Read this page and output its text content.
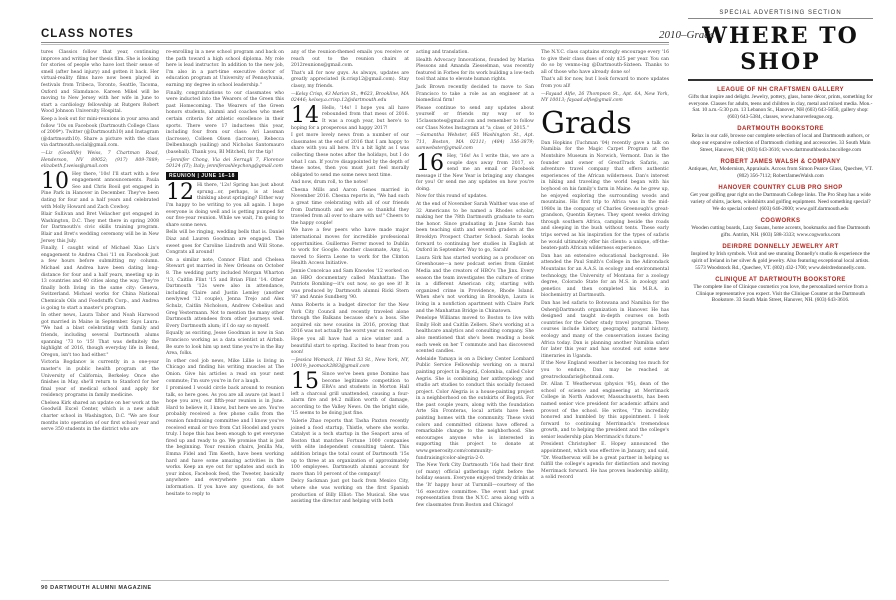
CLASS NOTES	2010–Grads

tures Classics follow that year, continuing improve and writing her thesis film. She is looking for stories of people who have lost their sense of smell (after head injury) and gotten it back. Her virtual-reality films have now been played in festivals from Tribeca, Toronto, Seattle, Tacoma, Oxford and Slamdance. Kareen Mikel will be moving to New Jersey with her wife in June to start a cardiology fellowship at Rutgers Robert Wood Johnson University Hospital.

Keep a look out for mini-reunions in your area and follow '10s on Facebook (Dartmouth College Class of 2009*). Twitter (@Dartmouth10) and Instagram (@dartmouth10). Share a picture with the class via dartmouth.social@gmail.com.

—Liz (Goodlife) Weiss, 7 Chartman Road, Henderson, NV 89052; (917) 809-7889; elizabeth.f.weiss@gmail.com

10 Hey there, '10s! I'll start with a few engagement announcements. Paula Seo and Chris Booil got engaged in Pine Park in Hanover in December. They've been dating for four and a half years and celebrated with Molly Howard and Zach Cowboy.

Blair Sullivan and Bret Veliacher got engaged in Washington, D.C. They met there in spring 2008 for Dartmouth's civic skills training program. Blair and Bret's wedding ceremony will be in New Jersey this July.

Finally, I caught wind of Michael Xiao Lin's engagement to Andrea Choi '11 on Facebook just a few hours before submitting my column. Michael and Andrea have been dating long-distance for four and a half years, meeting up in 13 countries and 40 cities along the way. They're finally both living in the same city: Geneva, Switzerland. Michael works for China National Chemicals Oils and Foodstuffs Corp., and Andrea is going to start a master's program.

In other news, Laura Tabor and Noah Harwood got married in Maine in September. Says Laura: "We had a blast celebrating with family and friends, including several Dartmouth alums spanning '73 to '15! That was definitely the highlight of 2016, though everyday life in Bend, Oregon, isn't too bad either."

Victoria Bogdanov is currently in a one-year master's in public health program at the University of California, Berkeley. Once she finishes in May, she'll return to Stanford for her final year of medical school and apply for residency programs in family medicine.

Chelsea Kirk shared an update on her work at the Goodwill Excel Center, which is a new adult charter school in Washington, D.C. "We are four months into operation of our first school year and serve 350 students in the district who are

re-enrolling in a new school program and back on the path toward a high school diploma. My role here is lead instructor. In addition to the new job, I'm also in a part-time executive doctor of education program at University of Pennsylvania, earning my degree in school leadership."

Finally, congratulations to our classmates who were inducted into the Wearers of the Green this past Homecoming. The Wearers of the Green honors students, alumni and coaches who meet certain criteria for athletic excellence in their sports. There were 17 inductees this year, including four from our class: Ari Lassman (lacrosse), Colleen Olsen (lacrosse), Rebecca Delbenbaugh (sailing) and Nicholas Santomauro (baseball). Thank you, BI Mitchell, for the tip!

—Jennifer Chong, Via dei Serragli 7, Florence 50124 (IT); Italy; jenniferashleychong@gmail.com

REUNION | JUNE 16–18

12 Hi there, '12s! Spring has just about sprung...or, perhaps, is at least thinking about springing? Either way I'm happy to be writing to you all again. I hope everyone is doing well and is getting pumped for our five-year reunion. While we wait, I'm going to share some news.

Bells will be ringing, wedding bells that is. Daniel Diaz and Lauren Goodman are engaged. The sweet goes for Caroline Lindroth and Will Stone. Congrats all around!

On a similar note, Connor Flint and Chelsea Stewart got married in New Orleans on October 8. The wedding party included Morgan Wharton '13, Caitlin Flint '15 and Brian Flint '14. Other Dartmouth '12s were also in attendance, including Claire and Justin Lemley (another newlywed '12 couple), Jenna Trejo and Alex Schulz, Caitlin Nicholson, Andrew Cebelius and Greg Vestermann. Not to mention the many other Dartmouth attendees from other journeys well. Every Dartmouth alum; if I do say so myself.

Equally as exciting, Jesse Goodman is now in San Francisco working as a data scientist at Airbnb. Be sure to look him up next time you're in the Bay Area, folks.

In other cool job news, Mike Lillie is living in Chicago and finding his writing muscles at The Onion. Give his articles a read on your next commute; I'm sure you're in for a laugh.

I promised I would circle back around to reunion talk, so here goes. As you are all aware (at least I hope you are), our fifth-year reunion is in June. Hard to believe it, I know, but here we are. You've probably received a few phone calls from the reunion fundraising committee and I know you've received email or two from Cat Hoodel and yours truly. I hope this has been enough to get everyone fired up and ready to go. We promise that is just the beginning. Your reunion chairs, Jenilla Ma, Emma Fidel and Tim Keeth, have been working hard and have some amazing activities in the works. Keep an eye out for updates and such in your inbox, Facebook feed, the Tweeter, basically anywhere and everywhere you can share information. If you have any questions, do not hesitate to reply to

any of the reunion-themed emails you receive or reach out to the reunion chairs at 2012reunions@gmail.com.

That's all for now guys. As always, updates are greatly appreciated (k.crisp12@gmail.com). Stay classy, my friends.

—Kelsy Crisp, 43 Marion St., #623, Brookline, MA 02446; kelsey.a.crisp.12@dartmouth.edu

14 Hello, '14s! I hope you all have rebounded from that mess of 2016. It was a rough year, but here's to hoping for a prosperous and happy 2017!

I got more lovely news from a number of our classmates at the end of 2016 that I am happy to share with you all here. It's a bit light as I was collecting these notes after the holidays, but I do what I can. If you're disappointed by the depth of these notes, then you must just feel morally obligated to send me some news next time.

And now, drum roll, to the notes!

Chesna Mills and Aaron Genes married in November 2016. Chesna reports in, "We had such a great time celebrating with all of our friends from Dartmouth and we are so thankful they traveled from all over to share with us!" Cheers to the happy couple!

We have a few peers who have made major international moves for incredible professional opportunities. Guillermo Ferrer moved to Dublin to work for Google. Another classmate, Amy Li, moved to Sierra Leone to work for the Clinton Health Access Initiative.

Jennie Concelcao and Sam Knowles '12 worked on an HBO documentary called Manhattan: The Patriots Bombing—it's out now, so go see it! It was produced by Dartmouth alumni Ricki Stern '87 and Annie Sundberg '90.

Anna Roberts is a budget director for the New York City Council and recently traveled alone through the Balkans because she's a boss. She acquired six new cousins in 2016, proving that 2016 was not actually the worst year on record.

Hope you all have had a nice winter and a beautiful start to spring. Excited to hear from you soon!

—Jessica Womack, 11 West 53 St., New York, NY, 10019; jwomack2883@gmail.com

15 Since we've been gone Domino has become legitimate competition to EBA's and students in Morton Hall left a charcoal grill unattended, causing a four-alarm fire and $4.2 million worth of damage, according to the Valley News. On the bright side, '15 seems to be doing just fine.

Valerie Zhao reports that Tasha Paxton recently joined a food startup, Thistle, where she works. Catalyst is a tech startup in the Seaport area of Boston that matches Fortune 1000 companies with elite independent consulting talent. This addition brings the total count of Dartmouth '15s up to three at an organization of approximately 100 employees. Dartmouth alumni account for more than 10 percent of the company!

Delcy Sackman just got back from Mexico City, where she was working on the first Spanish production of Billy Elliot: The Musical. She was assisting the director and helping with both

acting and translation.

Health Advocacy Innovations, founded by Marisa Plessons and Amanda Ziesselman, was recently featured in Forbes for its work building a low-tech tool that aims to elevate human rights.

Jack Brown recently decided to move to San Francisco to take a role as an engineer at a biomedical firm!

Please continue to send any updates about yourself or friends my way or to 15classnotes@gmail.com and remember to follow our Class Notes Instagram at "a_class_of_2015."

—Samantha Webster, 665 Washington St., Apt. 711, Boston, MA 02111; (484) 356-3879; samwebster@gmail.com

16 Hey, '16s! As I write this, we are a couple days away from 2017, so send me an email or Facebook message if the New Year is bringing any changes for you! Or send me any updates on how you're doing.

Now for this round of updates.

At the end of November Sarah Walther was one of 32 Americans to be named a Rhodes scholar, making her the 78th Dartmouth graduate to earn the honor. Since graduating in June Sarah has been teaching sixth and seventh graders at the Brooklyn Prospect Charter School. Sarah looks forward to continuing her studies in English at Oxford in September. Way to go, Sarah!

Laura Sirk has started working as a producer on Greenhouse—a new podcast series from Gimlet Media and the creators of HBO's The Jinx. Every season the team investigates the culture of crime in a different American city, starting with organized crime in Providence, Rhode Island. When she's not working in Brooklyn, Laura is living in a nonfiction apartment with Claire Park and the Manhattan Bridge in Chinatown.

Penelope Williams moved to Boston to live with Emily Holt and Caitlin Zellers. She's working at a healthcare analytics and consulting company. She also mentioned that she's been reading a book each week on her T commute and has discovered scented candles.

Adelaide Yamaya is on a Dickey Center Lombard Public Service Fellowship working on a mural painting project in Bogotá, Colombia, called Color Aegris. She is combining her anthropology and studio art studies to conduct this socially focused project. Color Alegria is a house-painting project in a neighborhood on the outskirts of Bogotá. For the past couple years, along with the foundation Arte Sin Fronteras, local artists have been painting homes with the community. These vivid colors and committed citizens have offered a remarkable change to the neighborhood. She encourages anyone who is interested in supporting this project to donate at www.generosity.com/community-fundraising/color-alegria-2-0.

The New York City Dartmouth '16s had their first (of many) official gatherings right before the holiday season. Everyone enjoyed trendy drinks at the 'It' happy hour at Turnmill—courtesy of the '16 executive committee. The event had great representation from the N.Y.C. area along with a few classmates from Boston and Chicago!

90 DARTMOUTH ALUMNI MAGAZINE
SPECIAL ADVERTISING SECTION
WHERE TO SHOP
LEAGUE OF NH CRAFTSMEN GALLERY
Gifts that inspire and delight. Jewelry, pottery, glass, home décor, prints, something for everyone. Classes for adults, teens and children in clay, metal and mixed media. Mon.-Sat. 10 a.m.-5:30 p.m. 13 Lebanon St., Hanover, NH (603) 643-5050, gallery shop: (603) 643-5384, classes, www.hanoverleague.org.
DARTMOUTH BOOKSTORE
Relax in our café, browse our complete selection of local and Dartmouth authors, or shop our expansive collection of Dartmouth clothing and accessories. 33 South Main Street, Hanover, NH; (603) 643-3616; www.dartmouthbooks.bncollege.com
ROBERT JAMES WALSH & COMPANY
Antiques, Art, Modernism, Appraisals. Across from Simon Pearce Glass, Quechee, VT. (802) 356-7112; RobertJamesWalsh.com
HANOVER COUNTRY CLUB PRO SHOP
Get your golfing gear right on the Dartmouth College links. The Pro Shop has a wide variety of shirts, jackets, windshirts and golfing equipment. Need something special? We do special orders! (603) 646-2000; www.golf.dartmouth.edu
COGWORKS
Wooden cutting boards, Lazy Susans, home accents, bookmarks and fine Dartmouth gifts. Antrim, NH. (603) 588-3333; www.cogworks.com
DEIRDRE DONNELLY JEWELRY ART
Inspired by Irish symbols. Visit and see stunning Donnelly's studio & experience the spirit of Ireland in her silver & gold jewelry. Also featuring exceptional local artists. 5573 Woodstock Rd., Quechee, VT. (802) 432-1700; www.deirdredonnelly.com.
CLINIQUE AT DARTMOUTH BOOKSTORE
The complete line of Clinique cosmetics you love, the personalized service from a Clinique representative you expect. Visit the Clinique Counter at the Dartmouth Bookstore. 33 South Main Street, Hanover, NH. (603) 643-3616.

The N.Y.C. class captains strongly encourage every '16 to give their class dues of only $25 per year. You can do so by venmo-ing @Dartmouth-Sixteen. Thanks to all of those who have already done so!

That's all for now, but I look forward to more updates from you all!

—Fayaad Alfie, 26 Thompson St., Apt. 6A, New York, NY 10013; fayaad.alfie@gmail.com

Grads

Dan Hopkins (Tuchman '04) recently gave a talk on Namibia for the Magic Carpet Program at the Montshire Museum in Norwich, Vermont. Dan is the founder and owner of GreatTrack Safaris, an adventure travel company that offers authentic experiences of the African wilderness. Dan's interest in hiking and traveling the world began with his boyhood on his family's farm in Maine. As he grew up, he enjoyed exploring the surrounding woods and mountains. His first trip to Africa was in the mid-1980s in the company of Charles Greenough's great-grandson, Quentin Keynes. They spent weeks driving through southern Africa, camping beside the roads and sleeping in the bush without tents. These early trips served as his inspiration for the types of safaris he would ultimately offer his clients: a unique, off-the-beaten-path African wilderness experience.

Dan has an extensive educational background. He attended the Paul Smith's College in the Adirondack Mountains for an A.A.S. in ecology and environmental technology, the University of Montana for a zoology degree, Colorado State for an M.S. in zoology and genetics and then completed his M.B.A. in biochemistry at Dartmouth.

Dan has led safaris to Botswana and Namibia for the Osher@Dartmouth organization in Hanover. He has designed and taught in-depth courses on both countries for the Osher study travel program. These courses include history, geography, natural history, ecology and many of the conservation issues facing Africa today. Dan is planning another Namibia safari for later this year and has scouted out some new itineraries in Uganda.

If the New England weather is becoming too much for you to endure, Dan may be reached at greatrocksafaris@hotmail.com.

Dr. Allan T. Weatherwax (physics '95), dean of the school of science and engineering at Merrimack College in North Andover, Massachusetts, has been named senior vice president for academic affairs and provost of the school. He writes, "I'm incredibly honored and humbled by this appointment. I look forward to continuing Merrimack's tremendous growth, and to helping the president and the college's senior leadership plan Merrimack's future."

President Christopher E. Hopey announced the appointment, which was effective in January, and said, "Dr. Weatherwax will be a great partner in helping us fulfill the college's agenda for distinction and moving Merrimack forward. He has proven leadership ability, a solid record
